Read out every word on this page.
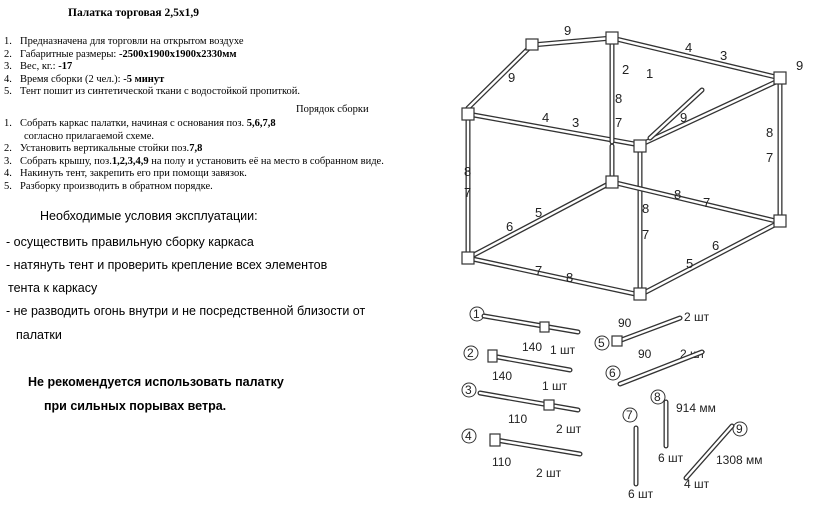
Палатка торговая 2,5х1,9
1. Предназначена для торговли на открытом воздухе
2. Габаритные размеры: -2500х1900х1900х2330мм
3. Вес, кг.: -17
4. Время сборки (2 чел.): -5 минут
5. Тент пошит из синтетической ткани с водостойкой пропиткой.
Порядок сборки
1. Собрать каркас палатки, начиная с основания поз. 5,6,7,8
согласно прилагаемой схеме.
2. Установить вертикальные стойки поз.7,8
3. Собрать крышу, поз.1,2,3,4,9 на полу и установить её на место в собранном виде.
4. Накинуть тент, закрепить его при помощи завязок.
5. Разборку производить в обратном порядке.
Необходимые условия эксплуатации:
- осуществить правильную сборку каркаса
- натянуть тент и проверить крепление всех элементов
тента к каркасу
- не разводить огонь внутри и не посредственной близости от
палатки
Не рекомендуется использовать палатку
при сильных порывах ветра.
9
4
3
2 1
9
4 3	9
9
8
7
8
7
8
7
8
7
8
7
5
6
6
5
7 8
1
140 1 шт
2
140
1 шт
3
110
2 шт
4
110
2 шт
90	2 шт
5
90 2 шт
6
7
6 шт
8
914 мм
6 шт
9
1308 мм
4 шт
